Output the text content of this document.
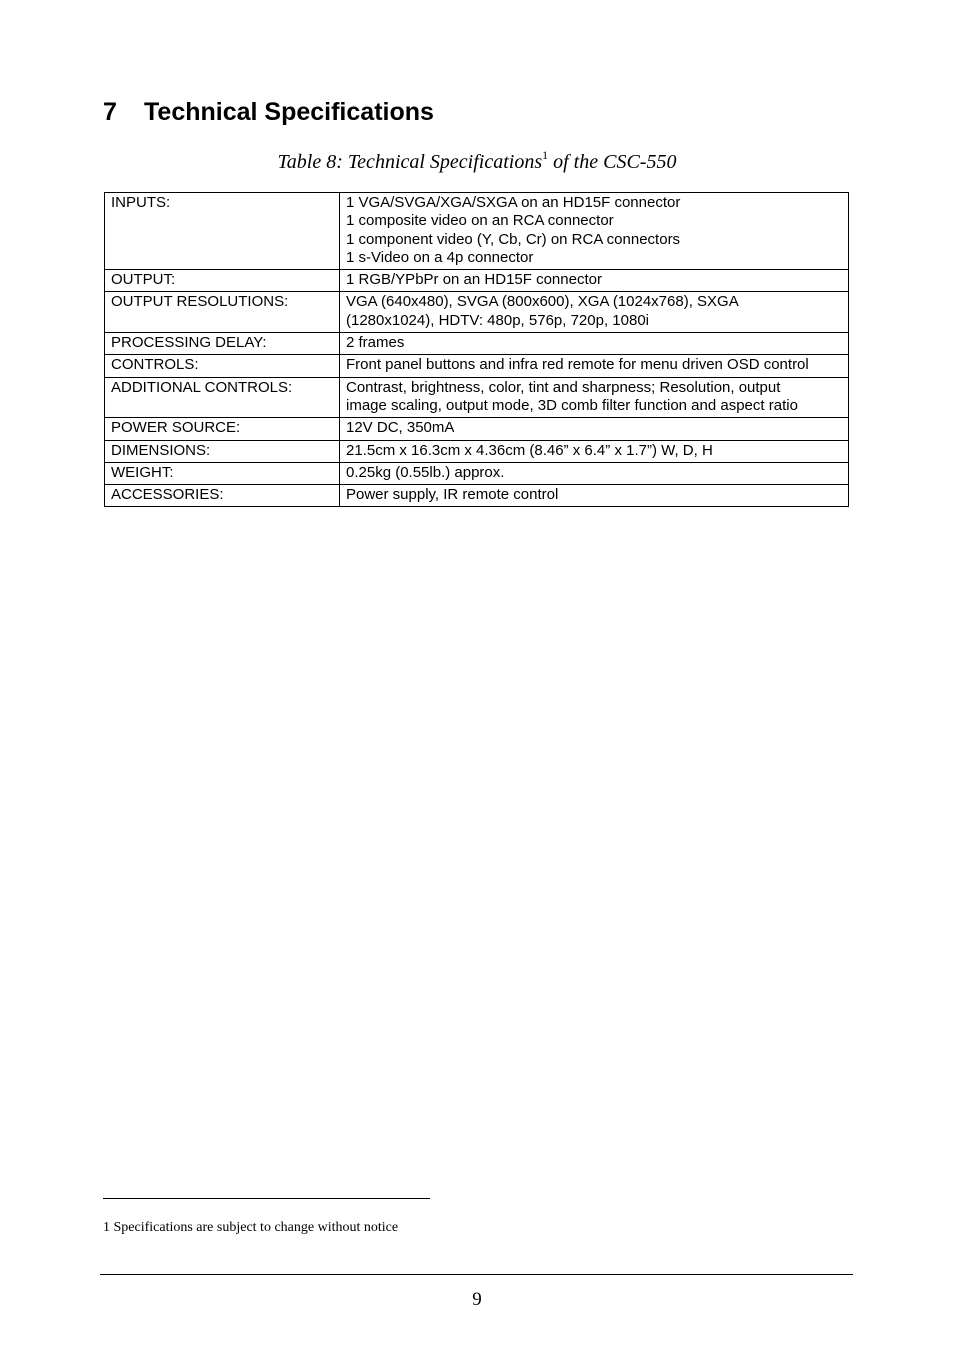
7 Technical Specifications
Table 8: Technical Specifications$^1$ of the CSC-550
INPUTS:	1 VGA/SVGA/XGA/SXGA on an HD15F connector
1 composite video on an RCA connector
1 component video (Y, Cb, Cr) on RCA connectors
1 s-Video on a 4p connector

OUTPUT:	1 RGB/YPbPr on an HD15F connector

OUTPUT RESOLUTIONS:	VGA (640x480), SVGA (800x600), XGA (1024x768), SXGA
(1280x1024), HDTV: 480p, 576p, 720p, 1080i

PROCESSING DELAY:	2 frames

CONTROLS:	Front panel buttons and infra red remote for menu driven OSD control

ADDITIONAL CONTROLS:	Contrast, brightness, color, tint and sharpness; Resolution, output
image scaling, output mode, 3D comb filter function and aspect ratio

POWER SOURCE:	12V DC, 350mA

DIMENSIONS:	21.5cm x 16.3cm x 4.36cm (8.46” x 6.4” x 1.7”) W, D, H

WEIGHT:	0.25kg (0.55lb.) approx.

ACCESSORIES:	Power supply, IR remote control
1 Specifications are subject to change without notice
9
